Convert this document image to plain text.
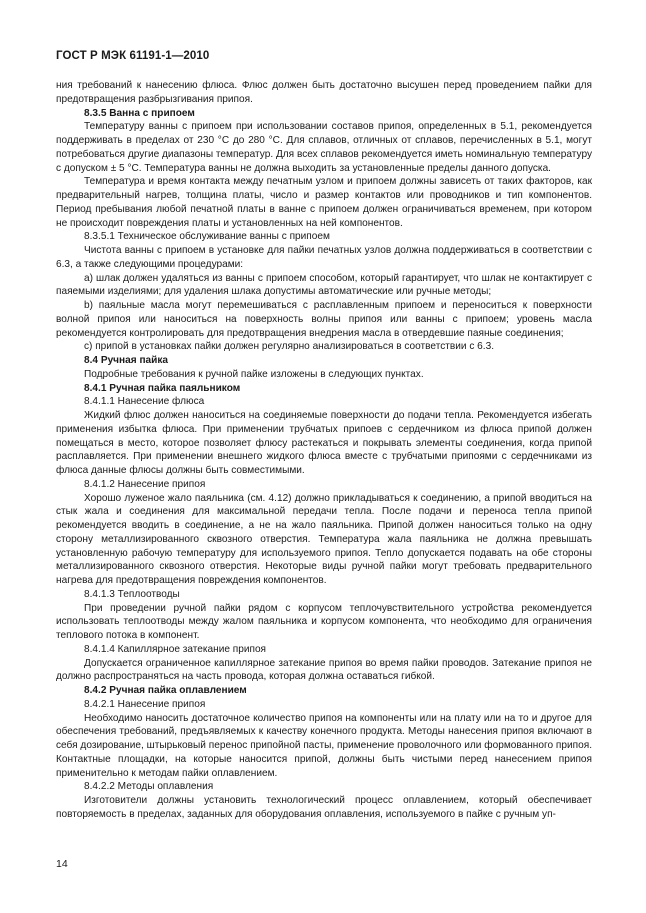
ГОСТ Р МЭК 61191-1—2010

ния требований к нанесению флюса. Флюс должен быть достаточно высушен перед проведением пайки для предотвращения разбрызгивания припоя.

8.3.5 Ванна с припоем

Температуру ванны с припоем при использовании составов припоя, определенных в 5.1, рекомендуется поддерживать в пределах от 230 °C до 280 °C. Для сплавов, отличных от сплавов, перечисленных в 5.1, могут потребоваться другие диапазоны температур. Для всех сплавов рекомендуется иметь номинальную температуру с допуском ± 5 °C. Температура ванны не должна выходить за установленные пределы данного допуска.

Температура и время контакта между печатным узлом и припоем должны зависеть от таких факторов, как предварительный нагрев, толщина платы, число и размер контактов или проводников и тип компонентов. Период пребывания любой печатной платы в ванне с припоем должен ограничиваться временем, при котором не происходит повреждения платы и установленных на ней компонентов.

8.3.5.1 Техническое обслуживание ванны с припоем

Чистота ванны с припоем в установке для пайки печатных узлов должна поддерживаться в соответствии с 6.3, а также следующими процедурами:

а) шлак должен удаляться из ванны с припоем способом, который гарантирует, что шлак не контактирует с паяемыми изделиями; для удаления шлака допустимы автоматические или ручные методы;

b) паяльные масла могут перемешиваться с расплавленным припоем и переноситься к поверхности волной припоя или наноситься на поверхность волны припоя или ванны с припоем; уровень масла рекомендуется контролировать для предотвращения внедрения масла в отвердевшие паяные соединения;

с) припой в установках пайки должен регулярно анализироваться в соответствии с 6.3.

8.4 Ручная пайка

Подробные требования к ручной пайке изложены в следующих пунктах.

8.4.1 Ручная пайка паяльником

8.4.1.1 Нанесение флюса

Жидкий флюс должен наноситься на соединяемые поверхности до подачи тепла. Рекомендуется избегать применения избытка флюса. При применении трубчатых припоев с сердечником из флюса припой должен помещаться в место, которое позволяет флюсу растекаться и покрывать элементы соединения, когда припой расплавляется. При применении внешнего жидкого флюса вместе с трубчатыми припоями с сердечниками из флюса данные флюсы должны быть совместимыми.

8.4.1.2 Нанесение припоя

Хорошо луженое жало паяльника (см. 4.12) должно прикладываться к соединению, а припой вводиться на стык жала и соединения для максимальной передачи тепла. После подачи и переноса тепла припой рекомендуется вводить в соединение, а не на жало паяльника. Припой должен наноситься только на одну сторону металлизированного сквозного отверстия. Температура жала паяльника не должна превышать установленную рабочую температуру для используемого припоя. Тепло допускается подавать на обе стороны металлизированного сквозного отверстия. Некоторые виды ручной пайки могут требовать предварительного нагрева для предотвращения повреждения компонентов.

8.4.1.3 Теплоотводы

При проведении ручной пайки рядом с корпусом теплочувствительного устройства рекомендуется использовать теплоотводы между жалом паяльника и корпусом компонента, что необходимо для ограничения теплового потока в компонент.

8.4.1.4 Капиллярное затекание припоя

Допускается ограниченное капиллярное затекание припоя во время пайки проводов. Затекание припоя не должно распространяться на часть провода, которая должна оставаться гибкой.

8.4.2 Ручная пайка оплавлением

8.4.2.1 Нанесение припоя

Необходимо наносить достаточное количество припоя на компоненты или на плату или на то и другое для обеспечения требований, предъявляемых к качеству конечного продукта. Методы нанесения припоя включают в себя дозирование, штырьковый перенос припойной пасты, применение проволочного или формованного припоя. Контактные площадки, на которые наносится припой, должны быть чистыми перед нанесением припоя применительно к методам пайки оплавлением.

8.4.2.2 Методы оплавления

Изготовители должны установить технологический процесс оплавлением, который обеспечивает повторяемость в пределах, заданных для оборудования оплавления, используемого в пайке с ручным уп-

14
